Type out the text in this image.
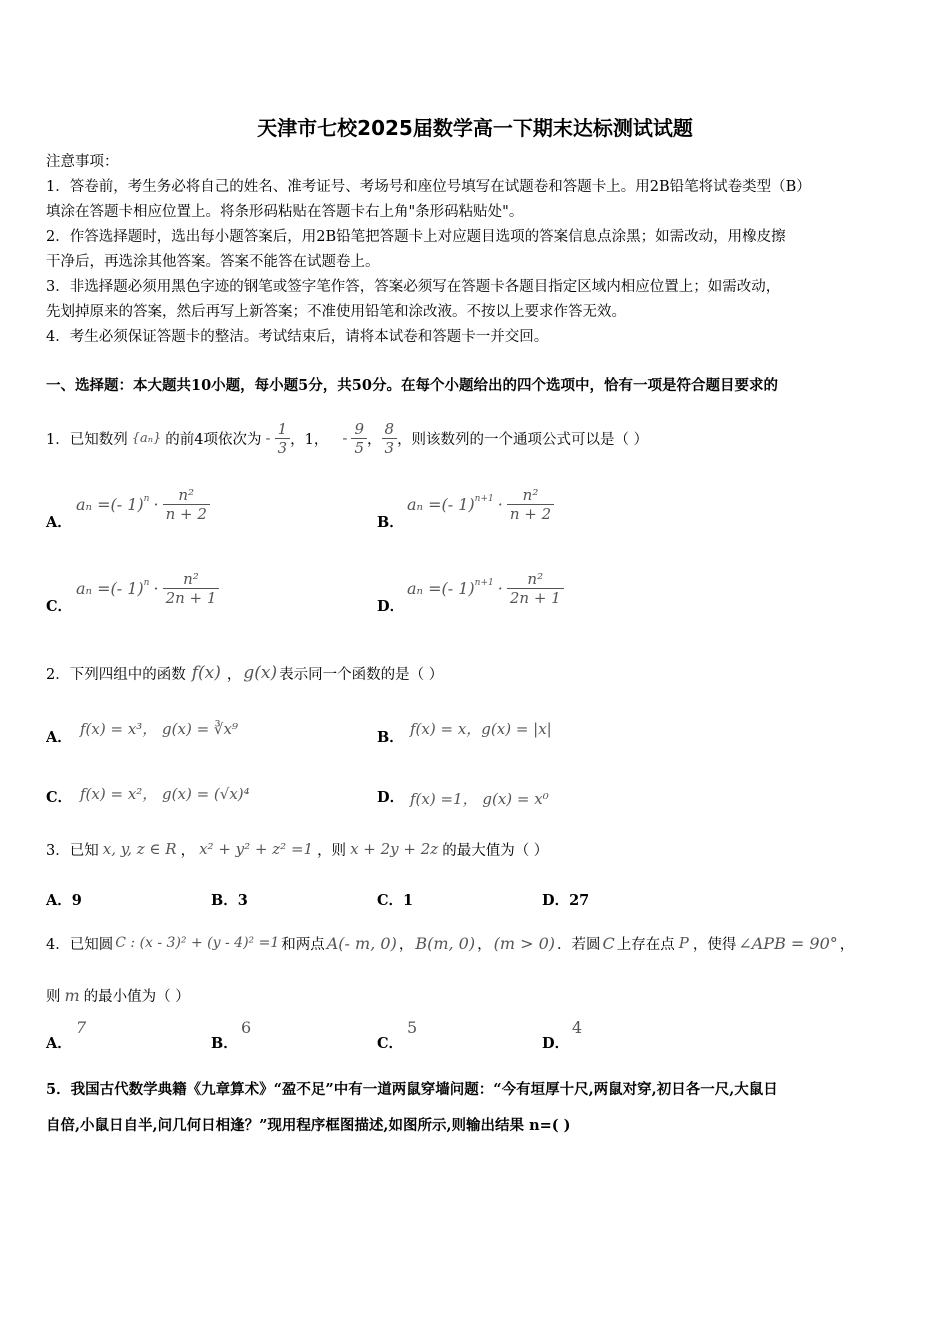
天津市七校2025届数学高一下期末达标测试试题
注意事项：
1．答卷前，考生务必将自己的姓名、准考证号、考场号和座位号填写在试题卷和答题卡上。用2B铅笔将试卷类型（B）
填涂在答题卡相应位置上。将条形码粘贴在答题卡右上角"条形码粘贴处"。
2．作答选择题时，选出每小题答案后，用2B铅笔把答题卡上对应题目选项的答案信息点涂黑；如需改动，用橡皮擦
干净后，再选涂其他答案。答案不能答在试题卷上。
3．非选择题必须用黑色字迹的钢笔或签字笔作答，答案必须写在答题卡各题目指定区域内相应位置上；如需改动，
先划掉原来的答案，然后再写上新答案；不准使用铅笔和涂改液。不按以上要求作答无效。
4．考生必须保证答题卡的整洁。考试结束后，请将本试卷和答题卡一并交回。
一、选择题：本大题共10小题，每小题5分，共50分。在每个小题给出的四个选项中，恰有一项是符合题目要求的
1．已知数列 {aₙ} 的前4项依次为 - $\frac{1}{3}$ ，1， - $\frac{9}{5}$ ， $\frac{8}{3}$ ，则该数列的一个通项公式可以是（ ）
A．
aₙ =(- $1)^n \cdot \frac{\text{n²}}{n + 2}$	B．
aₙ =(- $1)^{n+1} \cdot \frac{\text{n²}}{n + 2}$
C．
aₙ =(- $1)^n \cdot \frac{\text{n²}}{2n + 1}$	D．
aₙ =(- $1)^{n+1} \cdot \frac{\text{n²}}{2n + 1}$
2．下列四组中的函数 f(x) ， g(x) 表示同一个函数的是（ ）
A． f(x) = x³， g(x) = ∛x⁹	B． f(x) = x，g(x) = |x|
C． f(x) = x²， g(x) = (√x)⁴	D． f(x) =1， g(x) = x⁰
3．已知 x, y, z ∈ R ， x² + y² + z² =1 ，则 x + 2y + 2z 的最大值为（ ）
A．9	B．3	C．1	D．27
4．已知圆 C : (x - 3)² + (y - 4)² =1 和两点 A(- m, 0) ， B(m, 0) ， (m > 0) ．若圆 C 上存在点 P ，使得 ∠APB = 90° ，
则 m 的最小值为（ ）
A．
7
B．
6
C．
5
D．
4
5．我国古代数学典籍《九章算术》“盈不足”中有一道两鼠穿墙问题：“今有垣厚十尺,两鼠对穿,初日各一尺,大鼠日
自倍,小鼠日自半,问几何日相逢？”现用程序框图描述,如图所示,则输出结果 n=( )
